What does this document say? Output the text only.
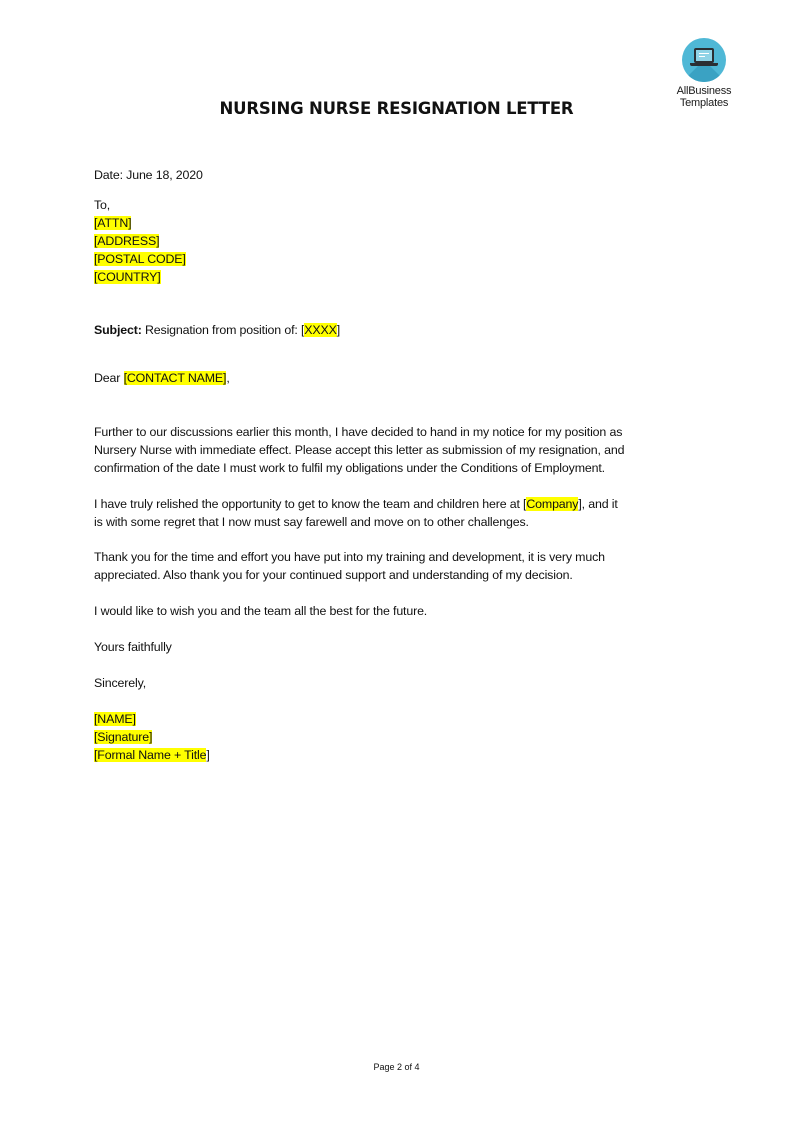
AllBusiness
Templates
NURSING NURSE RESIGNATION LETTER
Date: June 18, 2020
To,
[ATTN]
[ADDRESS]
[POSTAL CODE]
[COUNTRY]
Subject: Resignation from position of: [XXXX]
Dear [CONTACT NAME],
Further to our discussions earlier this month, I have decided to hand in my notice for my position as
Nursery Nurse with immediate effect. Please accept this letter as submission of my resignation, and
confirmation of the date I must work to fulfil my obligations under the Conditions of Employment.
I have truly relished the opportunity to get to know the team and children here at [Company], and it
is with some regret that I now must say farewell and move on to other challenges.
Thank you for the time and effort you have put into my training and development, it is very much
appreciated. Also thank you for your continued support and understanding of my decision.
I would like to wish you and the team all the best for the future.
Yours faithfully
Sincerely,
[NAME]
[Signature]
[Formal Name + Title]
Page 2 of 4
